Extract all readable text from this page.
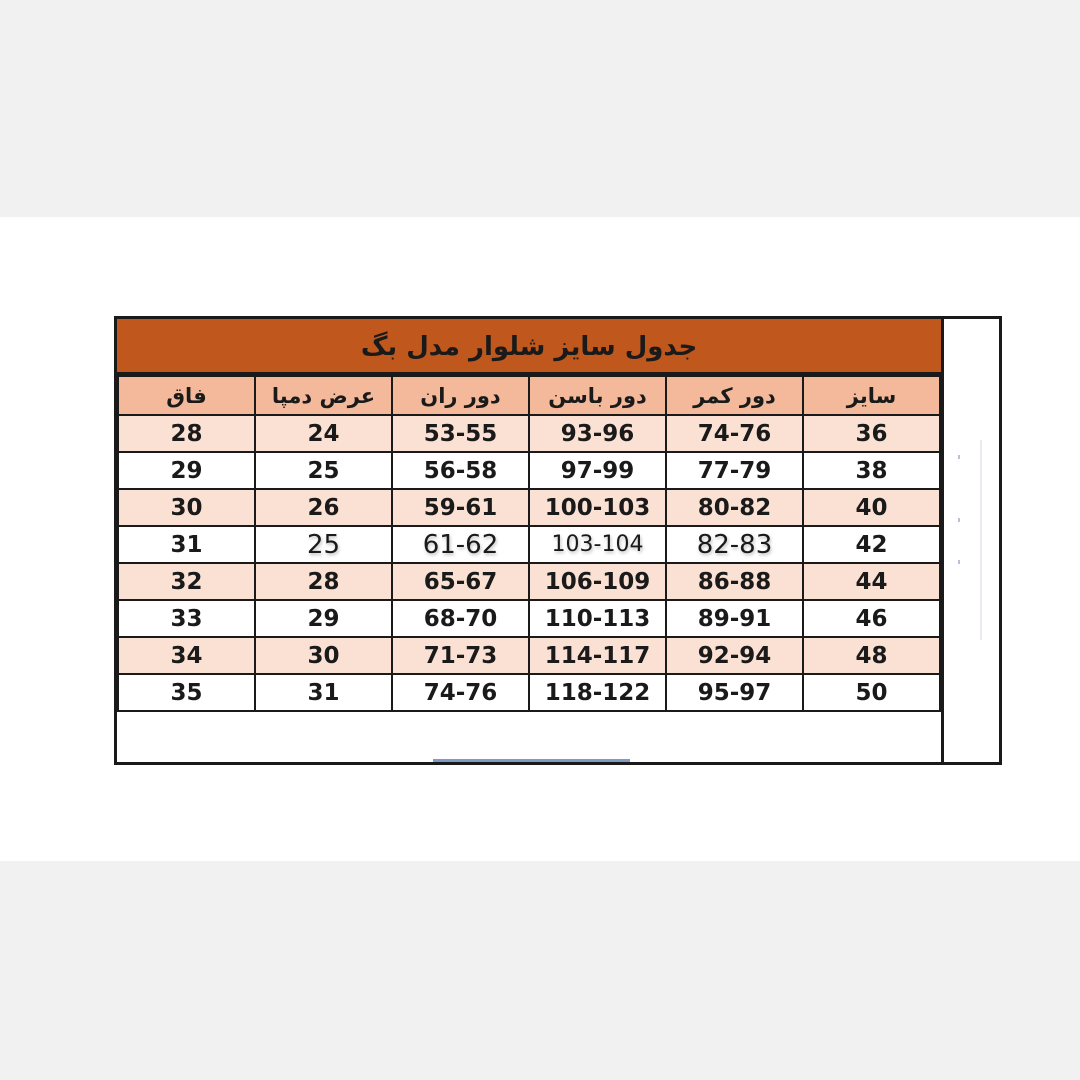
جدول سایز شلوار مدل بگ
سایز	دور کمر	دور باسن	دور ران	عرض دمپا	فاق
36	74-76	93-96	53-55	24	28
38	77-79	97-99	56-58	25	29
40	80-82	100-103	59-61	26	30
42	82-83	103-104	61-62	25	31
44	86-88	106-109	65-67	28	32
46	89-91	110-113	68-70	29	33
48	92-94	114-117	71-73	30	34
50	95-97	118-122	74-76	31	35
